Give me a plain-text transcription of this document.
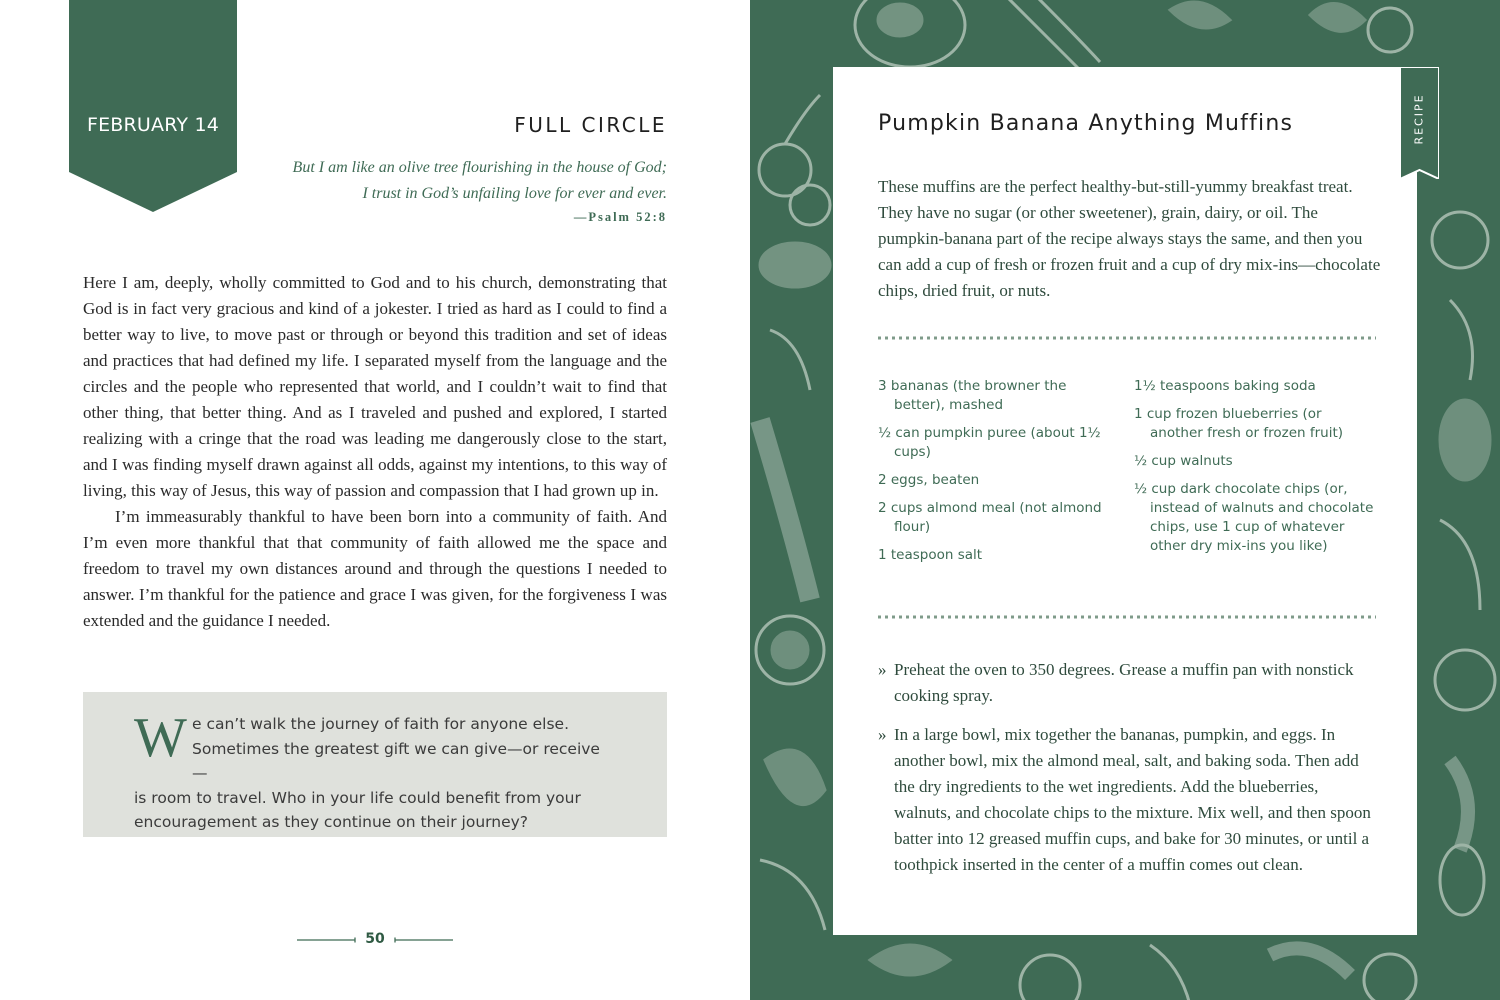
FEBRUARY 14	FULL CIRCLE
But I am like an olive tree flourishing in the house of God;
I trust in God’s unfailing love for ever and ever.
—Psalm 52:8

Here I am, deeply, wholly committed to God and to his church, demonstrating that God is in fact very gracious and kind of a jokester. I tried as hard as I could to find a better way to live, to move past or through or beyond this tradition and set of ideas and practices that had defined my life. I separated myself from the language and the circles and the people who represented that world, and I couldn’t wait to find that other thing, that better thing. And as I traveled and pushed and explored, I started realizing with a cringe that the road was leading me dangerously close to the start, and I was finding myself drawn against all odds, against my intentions, to this way of living, this way of Jesus, this way of passion and compassion that I had grown up in.

I’m immeasurably thankful to have been born into a community of faith. And I’m even more thankful that that community of faith allowed me the space and freedom to travel my own distances around and through the questions I needed to answer. I’m thankful for the patience and grace I was given, for the forgiveness I was extended and the guidance I needed.

W e can’t walk the journey of faith for anyone else.
Sometimes the greatest gift we can give—or receive—
is room to travel. Who in your life could benefit from your encouragement as they continue on their journey?
50
Pumpkin Banana Anything Muffins
These muffins are the perfect healthy-but-still-yummy breakfast treat. They have no sugar (or other sweetener), grain, dairy, or oil. The pumpkin-banana part of the recipe always stays the same, and then you can add a cup of fresh or frozen fruit and a cup of dry mix-ins—chocolate chips, dried fruit, or nuts.
3 bananas (the browner the better), mashed
½ can pumpkin puree (about 1½ cups)
2 eggs, beaten
2 cups almond meal (not almond flour)
1 teaspoon salt
1½ teaspoons baking soda
1 cup frozen blueberries (or another fresh or frozen fruit)
½ cup walnuts
½ cup dark chocolate chips (or, instead of walnuts and chocolate chips, use 1 cup of whatever other dry mix-ins you like)
» Preheat the oven to 350 degrees. Grease a muffin pan with nonstick cooking spray.
» In a large bowl, mix together the bananas, pumpkin, and eggs. In another bowl, mix the almond meal, salt, and baking soda. Then add the dry ingredients to the wet ingredients. Add the blueberries, walnuts, and chocolate chips to the mixture. Mix well, and then spoon batter into 12 greased muffin cups, and bake for 30 minutes, or until a toothpick inserted in the center of a muffin comes out clean.
RECIPE
